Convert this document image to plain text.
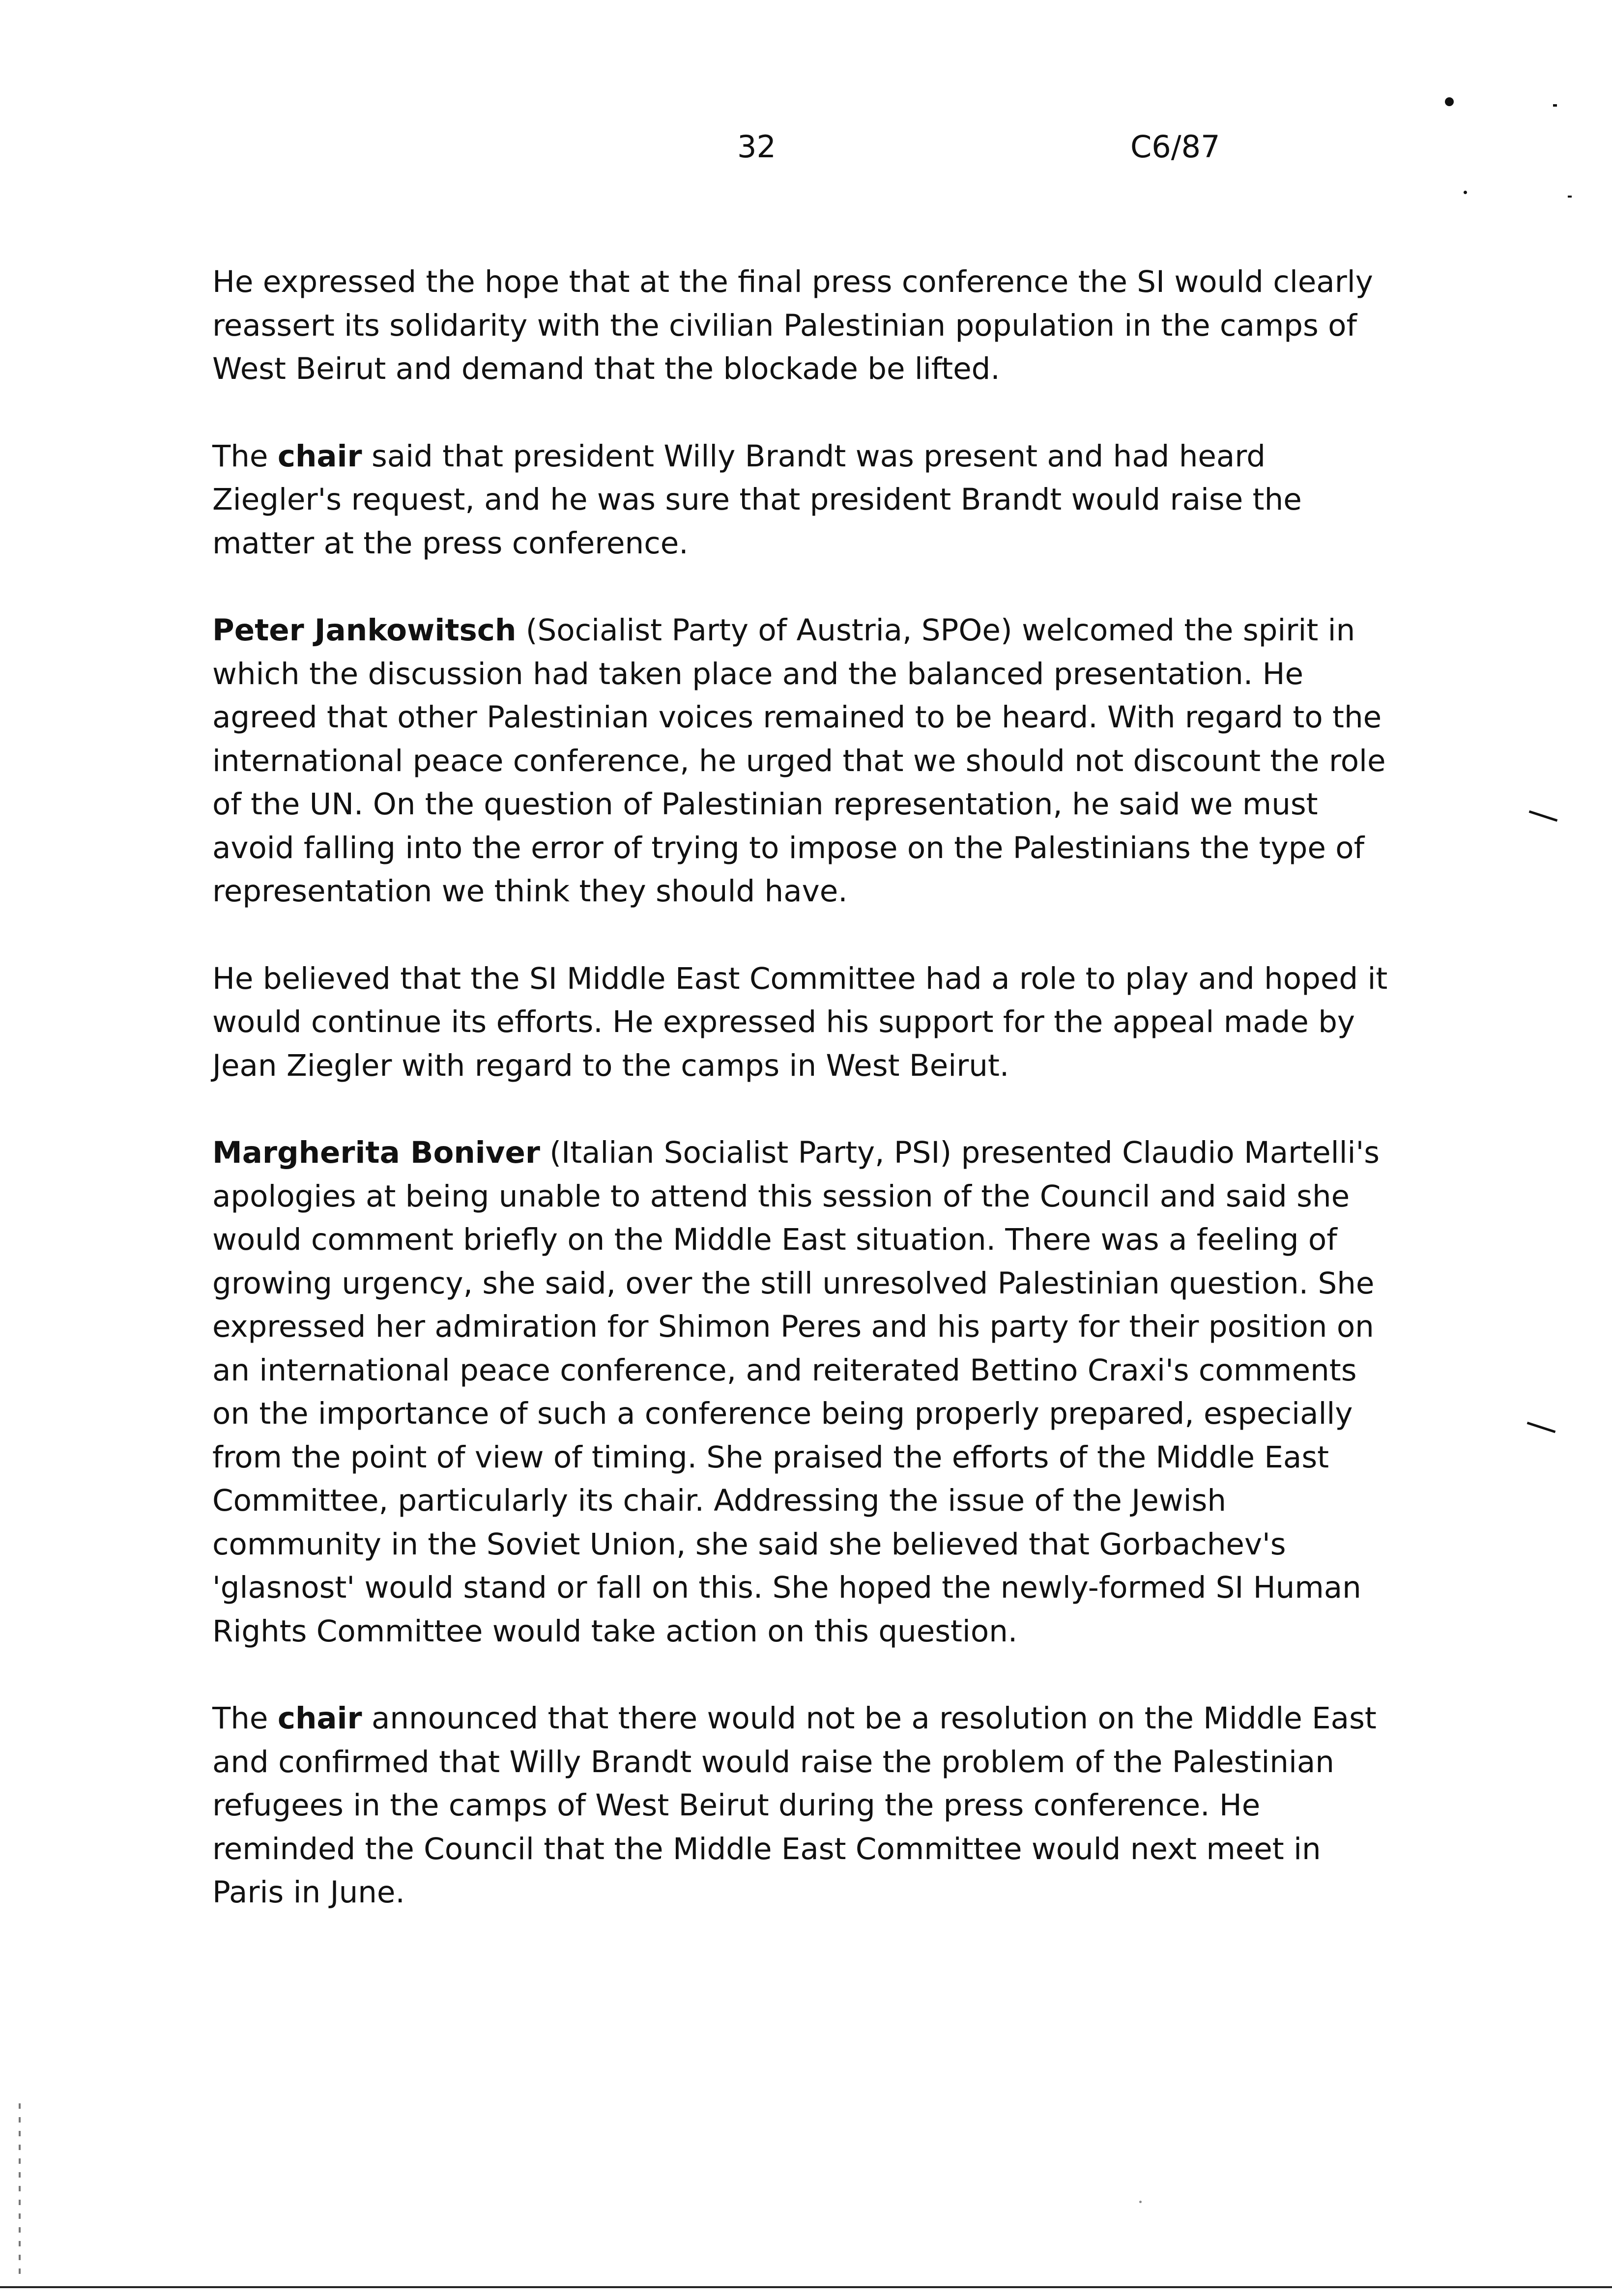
32	C6/87

He expressed the hope that at the final press conference the SI would clearly reassert its solidarity with the civilian Palestinian population in the camps of West Beirut and demand that the blockade be lifted.

The chair said that president Willy Brandt was present and had heard Ziegler's request, and he was sure that president Brandt would raise the matter at the press conference.

Peter Jankowitsch (Socialist Party of Austria, SPOe) welcomed the spirit in which the discussion had taken place and the balanced presentation. He agreed that other Palestinian voices remained to be heard. With regard to the international peace conference, he urged that we should not discount the role of the UN. On the question of Palestinian representation, he said we must avoid falling into the error of trying to impose on the Palestinians the type of representation we think they should have.

He believed that the SI Middle East Committee had a role to play and hoped it would continue its efforts. He expressed his support for the appeal made by Jean Ziegler with regard to the camps in West Beirut.

Margherita Boniver (Italian Socialist Party, PSI) presented Claudio Martelli's apologies at being unable to attend this session of the Council and said she would comment briefly on the Middle East situation. There was a feeling of growing urgency, she said, over the still unresolved Palestinian question. She expressed her admiration for Shimon Peres and his party for their position on an international peace conference, and reiterated Bettino Craxi's comments on the importance of such a conference being properly prepared, especially from the point of view of timing. She praised the efforts of the Middle East Committee, particularly its chair. Addressing the issue of the Jewish community in the Soviet Union, she said she believed that Gorbachev's 'glasnost' would stand or fall on this. She hoped the newly-formed SI Human Rights Committee would take action on this question.

The chair announced that there would not be a resolution on the Middle East and confirmed that Willy Brandt would raise the problem of the Palestinian refugees in the camps of West Beirut during the press conference. He reminded the Council that the Middle East Committee would next meet in Paris in June.
